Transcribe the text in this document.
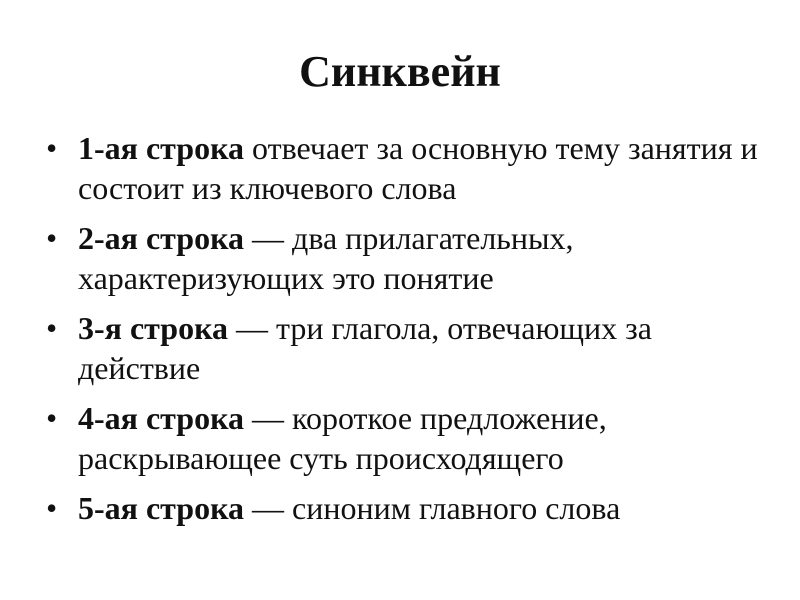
Синквейн
• 1-ая строка отвечает за основную тему занятия и состоит из ключевого слова
• 2-ая строка — два прилагательных, характеризующих это понятие
• 3-я строка — три глагола, отвечающих за действие
• 4-ая строка — короткое предложение, раскрывающее суть происходящего
• 5-ая строка — синоним главного слова
